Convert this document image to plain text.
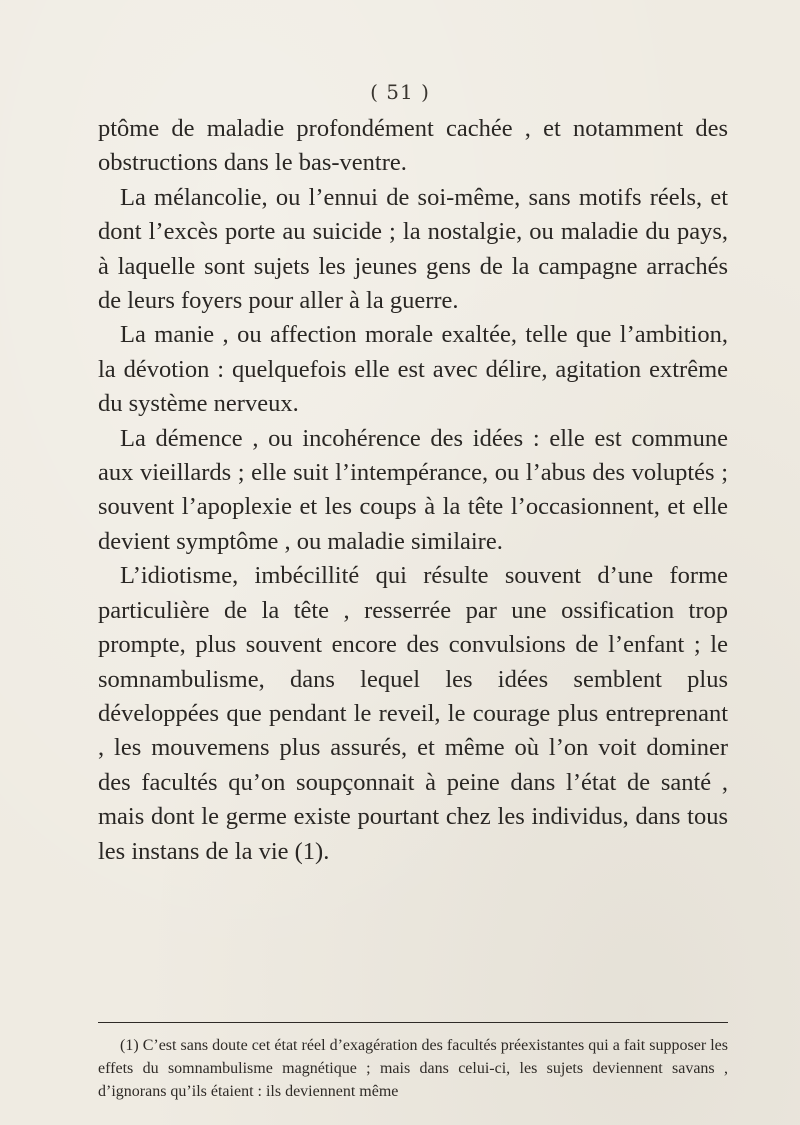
( 51 )

ptôme de maladie profondément cachée , et notamment des obstructions dans le bas-ventre.

La mélancolie, ou l’ennui de soi-même, sans motifs réels, et dont l’excès porte au suicide ; la nostalgie, ou maladie du pays, à laquelle sont sujets les jeunes gens de la campagne arrachés de leurs foyers pour aller à la guerre.

La manie , ou affection morale exaltée, telle que l’ambition, la dévotion : quelquefois elle est avec délire, agitation extrême du système nerveux.

La démence , ou incohérence des idées : elle est commune aux vieillards ; elle suit l’intempérance, ou l’abus des voluptés ; souvent l’apoplexie et les coups à la tête l’occasionnent, et elle devient symptôme , ou maladie similaire.

L’idiotisme, imbécillité qui résulte souvent d’une forme particulière de la tête , resserrée par une ossification trop prompte, plus souvent encore des convulsions de l’enfant ; le somnambulisme, dans lequel les idées semblent plus développées que pendant le reveil, le courage plus entreprenant , les mouvemens plus assurés, et même où l’on voit dominer des facultés qu’on soupçonnait à peine dans l’état de santé , mais dont le germe existe pourtant chez les individus, dans tous les instans de la vie (1).

(1) C’est sans doute cet état réel d’exagération des facultés préexistantes qui a fait supposer les effets du somnambulisme magnétique ; mais dans celui-ci, les sujets deviennent savans , d’ignorans qu’ils étaient : ils deviennent même
